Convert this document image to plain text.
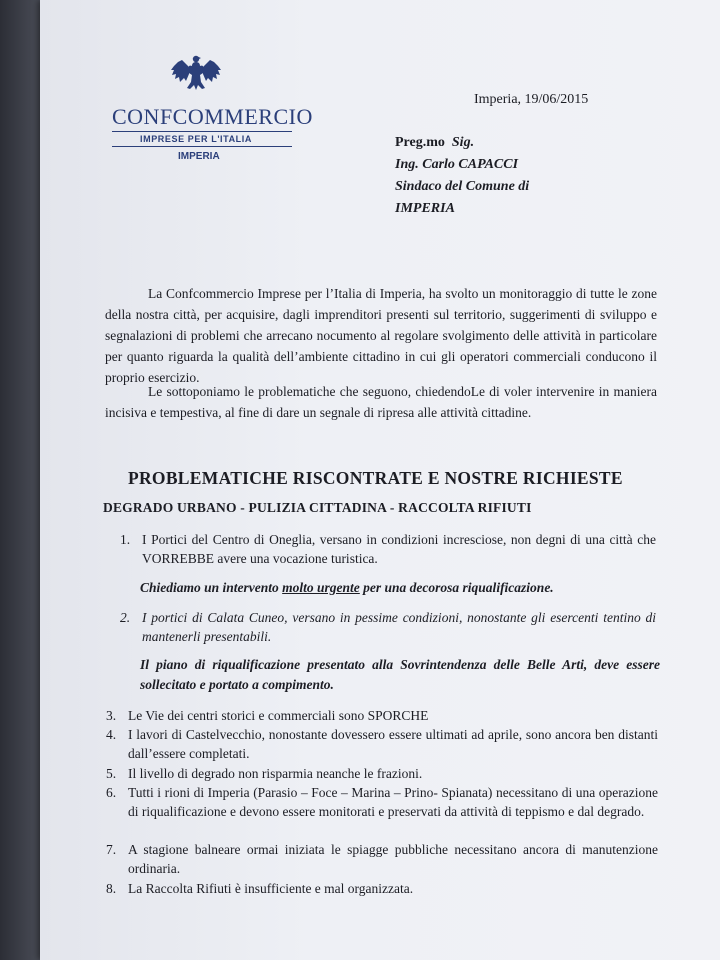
CONFCOMMERCIO
IMPRESE PER L'ITALIA
IMPERIA
Imperia, 19/06/2015
Preg.mo Sig.
Ing. Carlo CAPACCI
Sindaco del Comune di
IMPERIA
La Confcommercio Imprese per l’Italia di Imperia, ha svolto un monitoraggio di tutte le zone della nostra città, per acquisire, dagli imprenditori presenti sul territorio, suggerimenti di sviluppo e segnalazioni di problemi che arrecano nocumento al regolare svolgimento delle attività in particolare per quanto riguarda la qualità dell’ambiente cittadino in cui gli operatori commerciali conducono il proprio esercizio.
Le sottoponiamo le problematiche che seguono, chiedendoLe di voler intervenire in maniera incisiva e tempestiva, al fine di dare un segnale di ripresa alle attività cittadine.
PROBLEMATICHE RISCONTRATE E NOSTRE RICHIESTE
DEGRADO URBANO - PULIZIA CITTADINA - RACCOLTA RIFIUTI
1. I Portici del Centro di Oneglia, versano in condizioni incresciose, non degni di una città che VORREBBE avere una vocazione turistica.
Chiediamo un intervento molto urgente per una decorosa riqualificazione.
2. I portici di Calata Cuneo, versano in pessime condizioni, nonostante gli esercenti tentino di mantenerli presentabili.
Il piano di riqualificazione presentato alla Sovrintendenza delle Belle Arti, deve essere sollecitato e portato a compimento.
3. Le Vie dei centri storici e commerciali sono SPORCHE
4. I lavori di Castelvecchio, nonostante dovessero essere ultimati ad aprile, sono ancora ben distanti dall’essere completati.
5. Il livello di degrado non risparmia neanche le frazioni.
6. Tutti i rioni di Imperia (Parasio – Foce – Marina – Prino- Spianata) necessitano di una operazione di riqualificazione e devono essere monitorati e preservati da attività di teppismo e dal degrado.
7. A stagione balneare ormai iniziata le spiagge pubbliche necessitano ancora di manutenzione ordinaria.
8. La Raccolta Rifiuti è insufficiente e mal organizzata.
